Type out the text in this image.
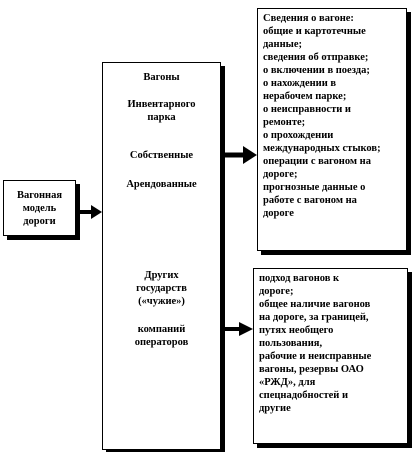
Вагонная
модель
дороги
Вагоны
Инвентарного
парка
Собственные
Арендованные
Других
государств
(«чужие»)
компаний
операторов
Сведения о вагоне:
общие и картотечные
данные;
сведения об отправке;
о включении в поезда;
о нахождении в
нерабочем парке;
о неисправности и
ремонте;
о прохождении
международных стыков;
операции с вагоном на
дороге;
прогнозные данные о
работе с вагоном на
дороге
подход вагонов к
дороге;
общее наличие вагонов
на дороге, за границей,
путях необщего
пользования,
рабочие и неисправные
вагоны, резервы ОАО
«РЖД», для
спецнадобностей и
другие
